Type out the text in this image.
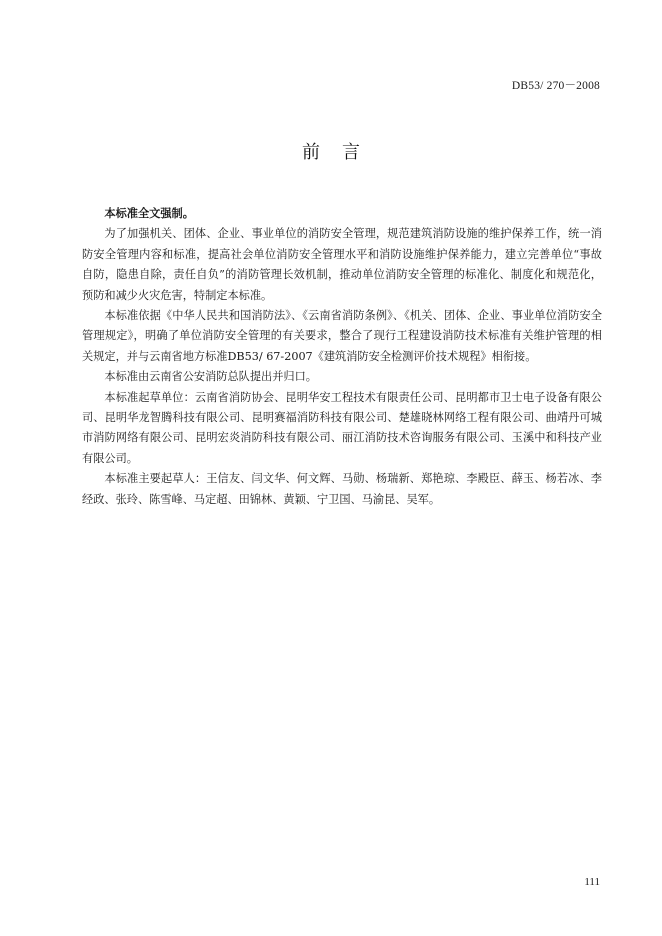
DB53/ 270－2008
前言

本标准全文强制。

为了加强机关、团体、企业、事业单位的消防安全管理，规范建筑消防设施的维护保养工作，统一消防安全管理内容和标准，提高社会单位消防安全管理水平和消防设施维护保养能力，建立完善单位“事故自防，隐患自除，责任自负”的消防管理长效机制，推动单位消防安全管理的标准化、制度化和规范化，预防和减少火灾危害，特制定本标准。

本标准依据《中华人民共和国消防法》、《云南省消防条例》、《机关、团体、企业、事业单位消防安全管理规定》，明确了单位消防安全管理的有关要求，整合了现行工程建设消防技术标准有关维护管理的相关规定，并与云南省地方标准DB53/ 67-2007《建筑消防安全检测评价技术规程》相衔接。

本标准由云南省公安消防总队提出并归口。

本标准起草单位：云南省消防协会、昆明华安工程技术有限责任公司、昆明都市卫士电子设备有限公司、昆明华龙智腾科技有限公司、昆明赛福消防科技有限公司、楚雄晓林网络工程有限公司、曲靖丹可城市消防网络有限公司、昆明宏炎消防科技有限公司、丽江消防技术咨询服务有限公司、玉溪中和科技产业有限公司。

本标准主要起草人：王信友、闫文华、何文辉、马勋、杨瑞新、郑艳琼、李殿臣、薛玉、杨若冰、李经政、张玲、陈雪峰、马定超、田锦林、黄颖、宁卫国、马渝昆、吴军。

111
